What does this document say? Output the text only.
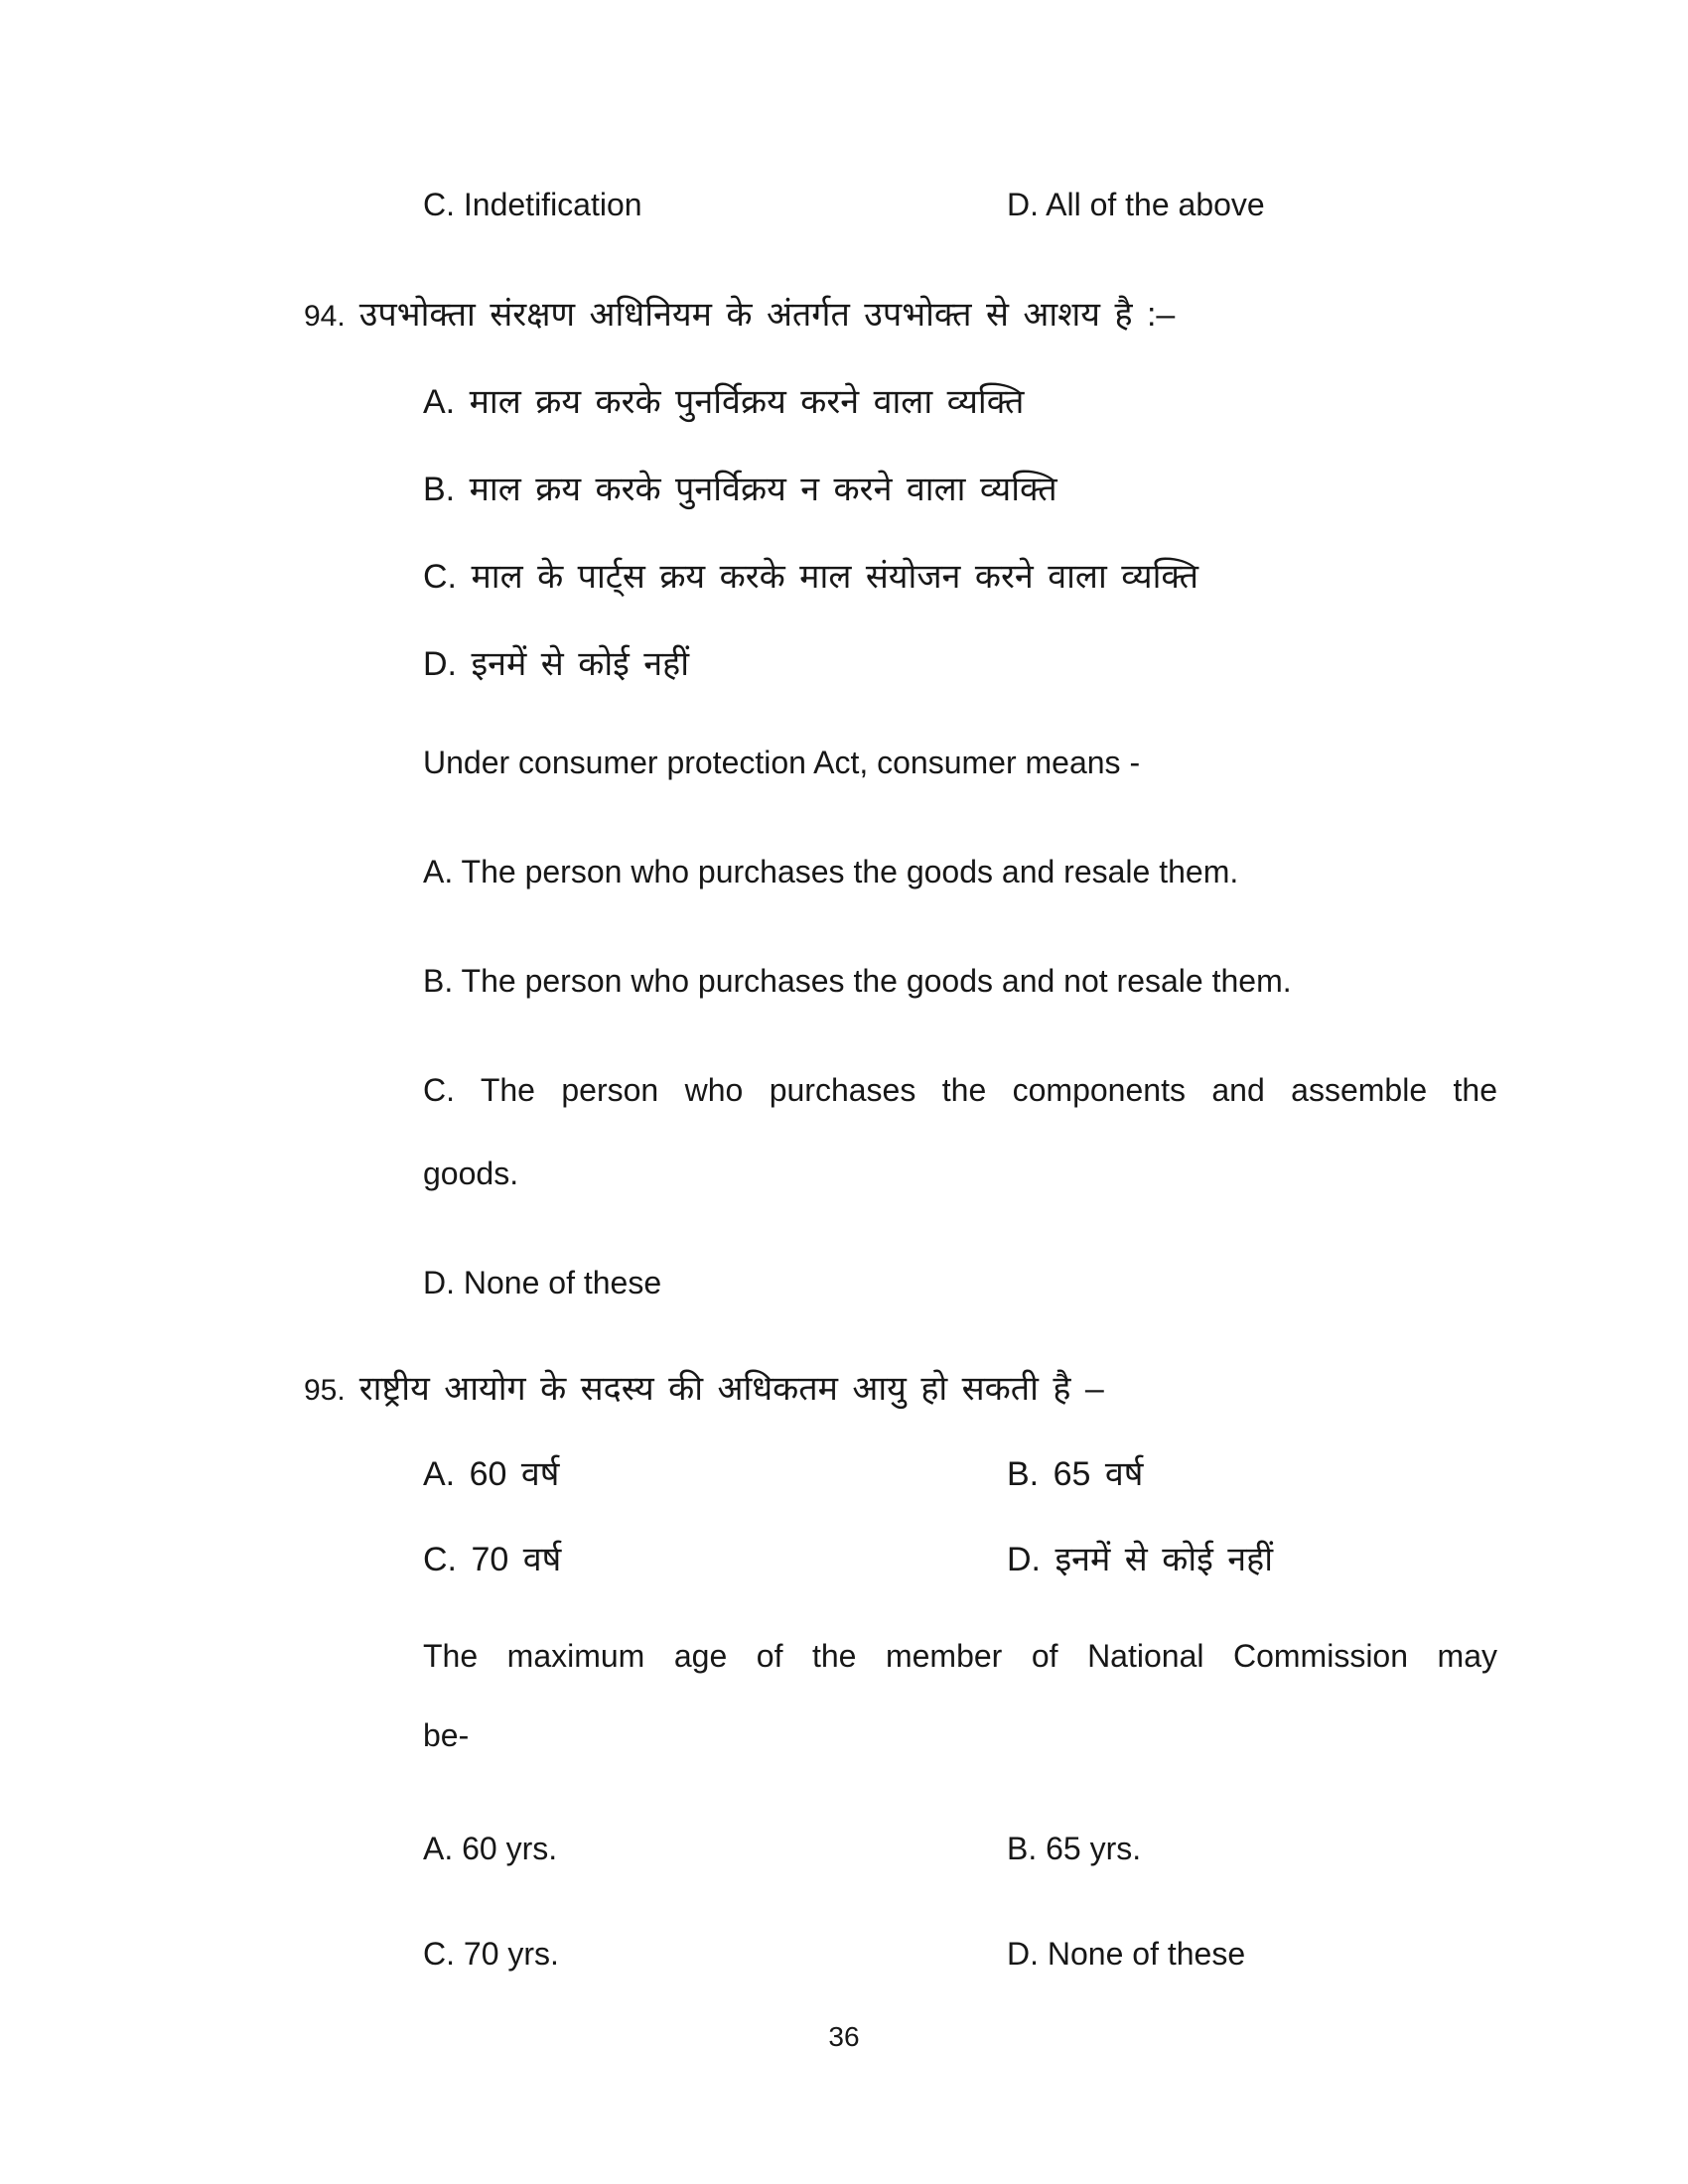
C. Indetification	D. All of the above
94. उपभोक्ता संरक्षण अधिनियम के अंतर्गत उपभोक्त से आशय है :–
A. माल क्रय करके पुनर्विक्रय करने वाला व्यक्ति
B. माल क्रय करके पुनर्विक्रय न करने वाला व्यक्ति
C. माल के पार्ट्स क्रय करके माल संयोजन करने वाला व्यक्ति
D. इनमें से कोई नहीं
Under consumer protection Act, consumer means -
A. The person who purchases the goods and resale them.
B. The person who purchases the goods and not resale them.
C. The person who purchases the components and assemble the
goods.
D. None of these
95. राष्ट्रीय आयोग के सदस्य की अधिकतम आयु हो सकती है –
A. 60 वर्ष	B. 65 वर्ष
C. 70 वर्ष	D. इनमें से कोई नहीं
The maximum age of the member of National Commission may
be-
A. 60 yrs.	B. 65 yrs.
C. 70 yrs.	D. None of these
36
